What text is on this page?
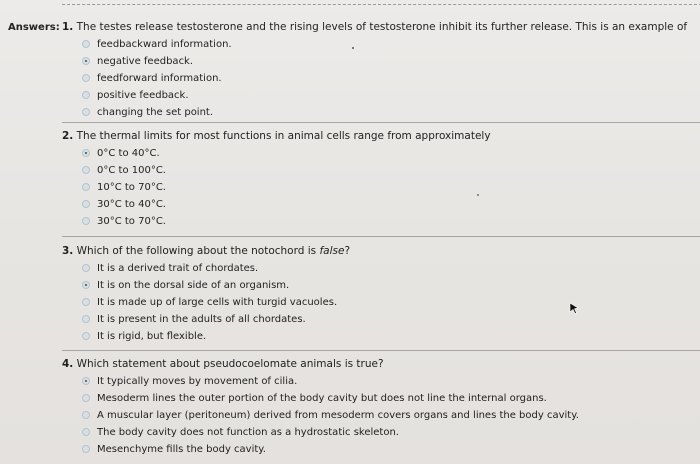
Answers: 1. The testes release testosterone and the rising levels of testosterone inhibit its further release. This is an example of
feedbackward information.
negative feedback.
feedforward information.
positive feedback.
changing the set point.
2. The thermal limits for most functions in animal cells range from approximately
0°C to 40°C.
0°C to 100°C.
10°C to 70°C.
30°C to 40°C.
30°C to 70°C.
3. Which of the following about the notochord is false?
It is a derived trait of chordates.
It is on the dorsal side of an organism.
It is made up of large cells with turgid vacuoles.
It is present in the adults of all chordates.
It is rigid, but flexible.
4. Which statement about pseudocoelomate animals is true?
It typically moves by movement of cilia.
Mesoderm lines the outer portion of the body cavity but does not line the internal organs.
A muscular layer (peritoneum) derived from mesoderm covers organs and lines the body cavity.
The body cavity does not function as a hydrostatic skeleton.
Mesenchyme fills the body cavity.
